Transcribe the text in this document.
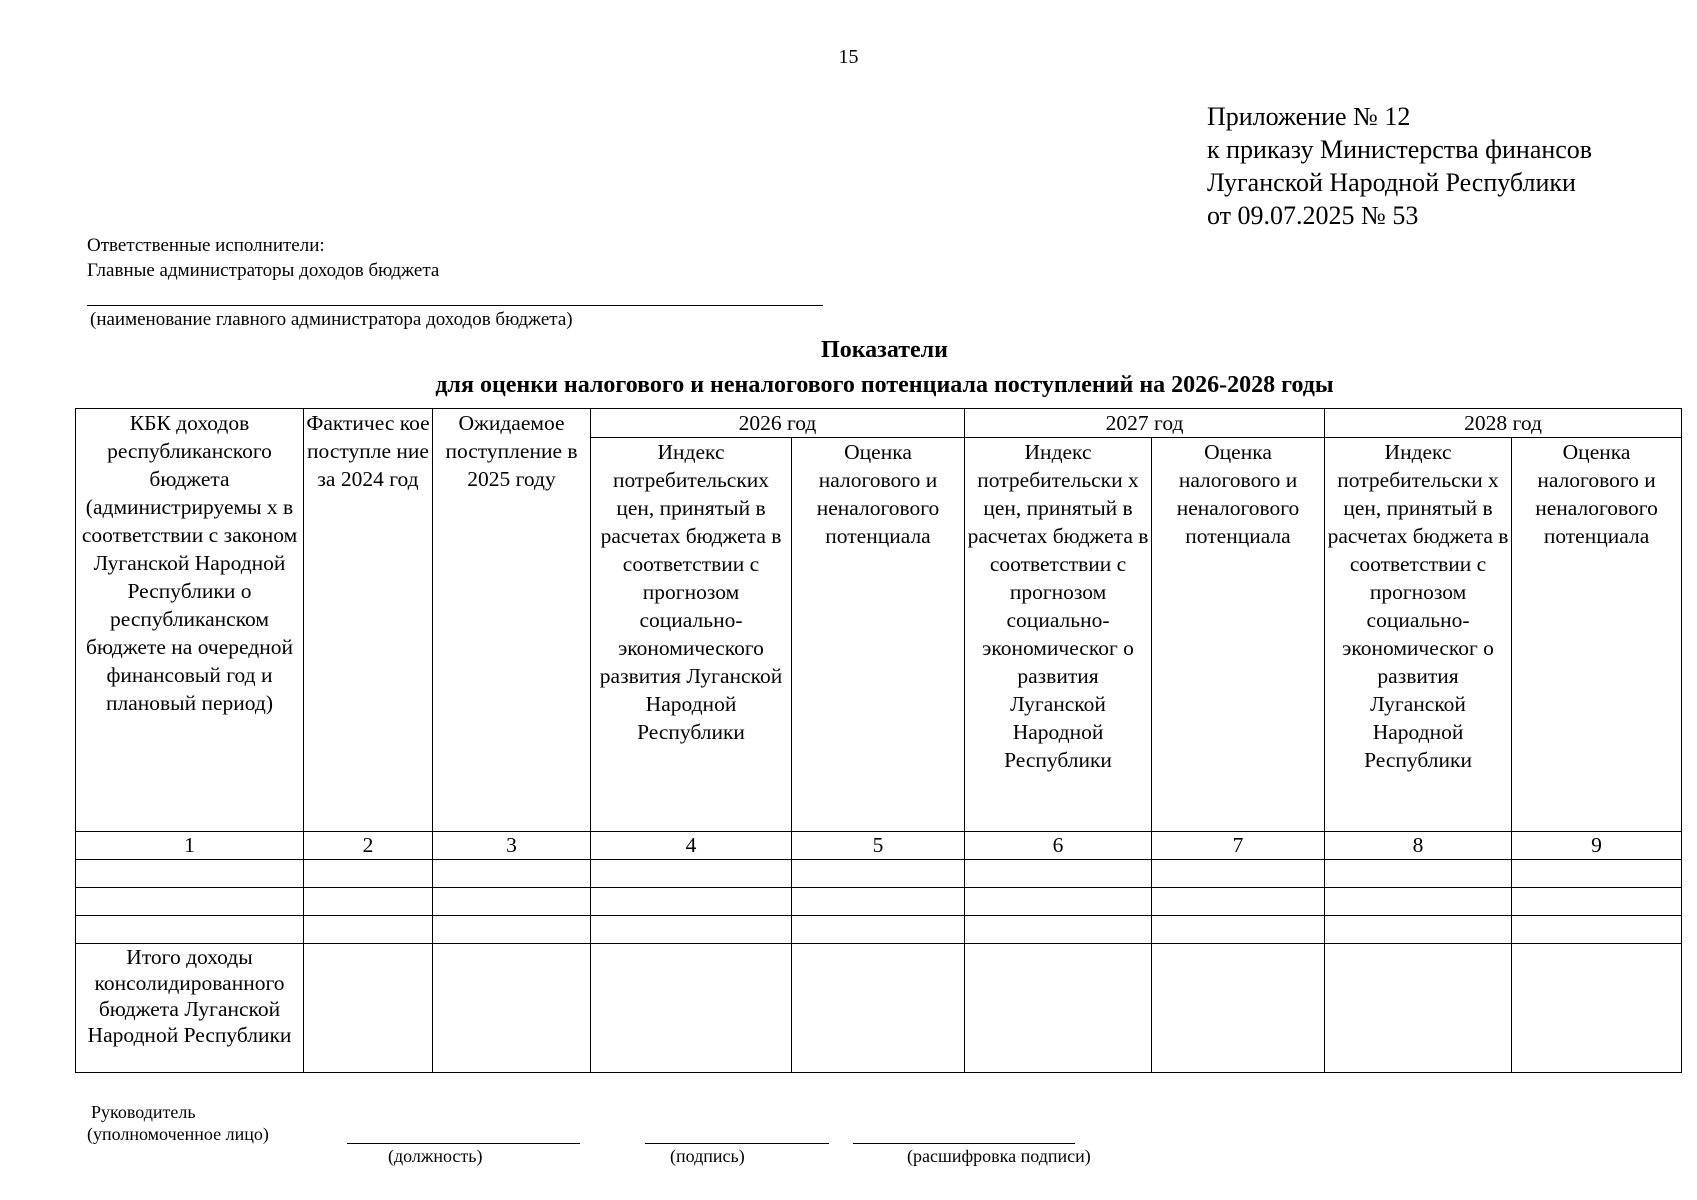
15
Приложение № 12
к приказу Министерства финансов
Луганской Народной Республики
от 09.07.2025 № 53
Ответственные исполнители:
Главные администраторы доходов бюджета
(наименование главного администратора доходов бюджета)
Показатели
для оценки налогового и неналогового потенциала поступлений на 2026-2028 годы
КБК доходов республиканского бюджета (администрируемы х в соответствии с законом Луганской Народной Республики о республиканском бюджете на очередной финансовый год и плановый период)	Фактичес кое поступле ние за 2024 год	Ожидаемое поступление в 2025 году	2026 год		2027 год		2028 год	
			Индекс потребительских цен, принятый в расчетах бюджета в соответствии с прогнозом социально-экономического развития Луганской Народной Республики	Оценка налогового и неналогового потенциала	Индекс потребительски х цен, принятый в расчетах бюджета в соответствии с прогнозом социально-экономическог о развития Луганской Народной Республики	Оценка налогового и неналогового потенциала	Индекс потребительски х цен, принятый в расчетах бюджета в соответствии с прогнозом социально-экономическог о развития Луганской Народной Республики	Оценка налогового и неналогового потенциала
1	2	3	4	5	6	7	8	9

Итого доходы консолидированного бюджета Луганской Народной Республики								
Руководитель
(уполномоченное лицо)
(должность)	(подпись)	(расшифровка подписи)
